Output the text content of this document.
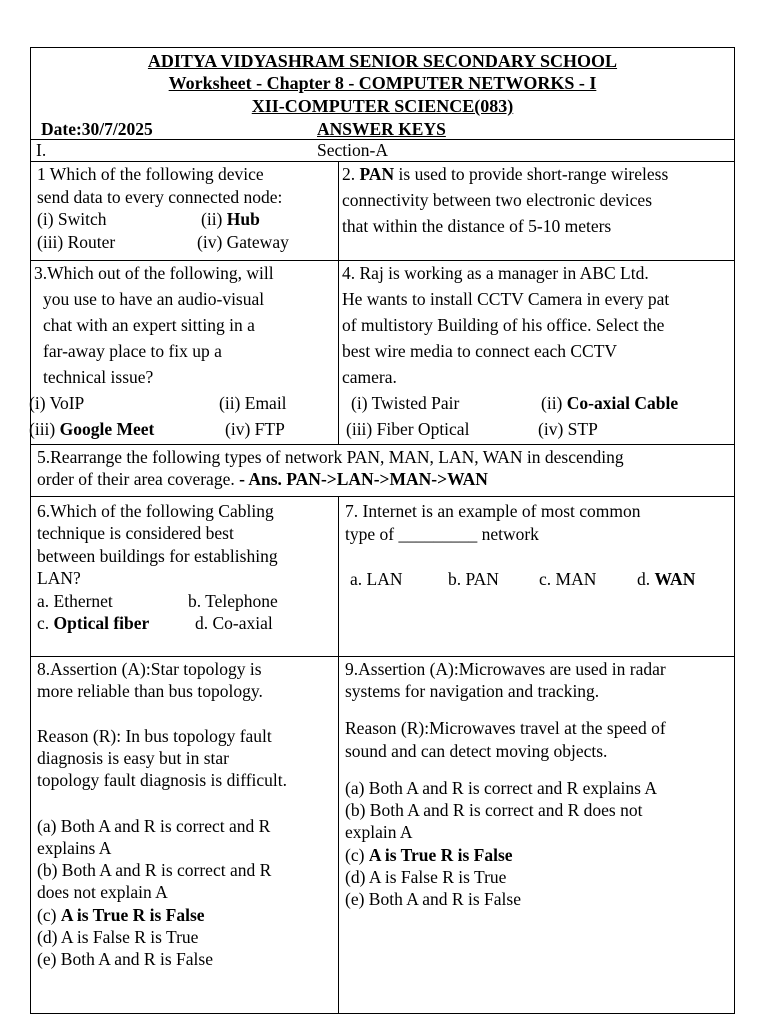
ADITYA VIDYASHRAM SENIOR SECONDARY SCHOOL
Worksheet - Chapter 8 - COMPUTER NETWORKS - I
XII-COMPUTER SCIENCE(083)
Date:30/7/2025	ANSWER KEYS
I.	Section-A
1 Which of the following device
send data to every connected node:
(i) Switch	(ii) Hub
(iii) Router	(iv) Gateway
2. PAN is used to provide short-range wireless
connectivity between two electronic devices
that within the distance of 5-10 meters
3.Which out of the following, will
you use to have an audio-visual
chat with an expert sitting in a
far-away place to fix up a
technical issue?
(i) VoIP	(ii) Email
(iii) Google Meet	(iv) FTP
4. Raj is working as a manager in ABC Ltd.
He wants to install CCTV Camera in every pat
of multistory Building of his office. Select the
best wire media to connect each CCTV
camera.
(i) Twisted Pair	(ii) Co-axial Cable
(iii) Fiber Optical	(iv) STP
5.Rearrange the following types of network PAN, MAN, LAN, WAN in descending
order of their area coverage. - Ans. PAN->LAN->MAN->WAN
6.Which of the following Cabling
technique is considered best
between buildings for establishing
LAN?
a. Ethernet	b. Telephone
c. Optical fiber	d. Co-axial
7. Internet is an example of most common
type of _________ network
a. LAN	b. PAN c. MAN d. WAN
8.Assertion (A):Star topology is
more reliable than bus topology.
Reason (R): In bus topology fault
diagnosis is easy but in star
topology fault diagnosis is difficult.
(a) Both A and R is correct and R
explains A
(b) Both A and R is correct and R
does not explain A
(c) A is True R is False
(d) A is False R is True
(e) Both A and R is False
9.Assertion (A):Microwaves are used in radar
systems for navigation and tracking.
Reason (R):Microwaves travel at the speed of
sound and can detect moving objects.
(a) Both A and R is correct and R explains A
(b) Both A and R is correct and R does not
explain A
(c) A is True R is False
(d) A is False R is True
(e) Both A and R is False
